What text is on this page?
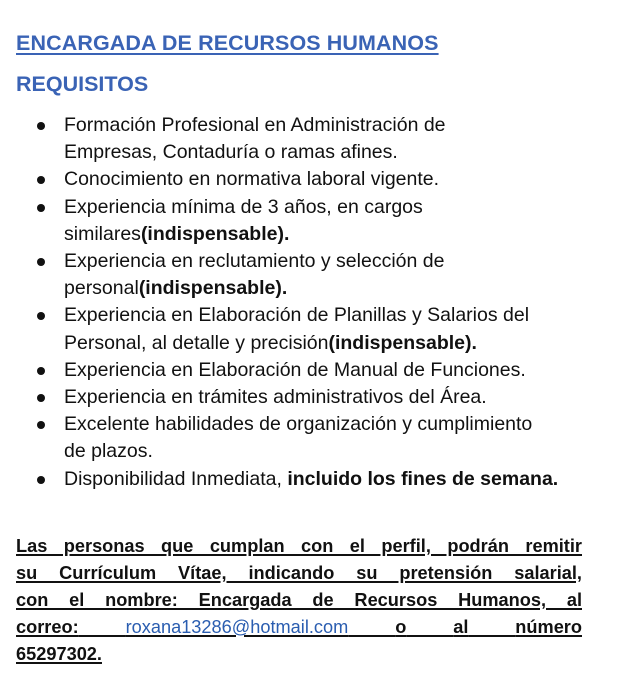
ENCARGADA DE RECURSOS HUMANOS
REQUISITOS
Formación Profesional en Administración de
Empresas, Contaduría o ramas afines.
Conocimiento en normativa laboral vigente.
Experiencia mínima de 3 años, en cargos
similares(indispensable).
Experiencia en reclutamiento y selección de
personal(indispensable).
Experiencia en Elaboración de Planillas y Salarios del
Personal, al detalle y precisión(indispensable).
Experiencia en Elaboración de Manual de Funciones.
Experiencia en trámites administrativos del Área.
Excelente habilidades de organización y cumplimiento
de plazos.
Disponibilidad Inmediata, incluido los fines de semana.
Las personas que cumplan con el perfil, podrán remitir
su Currículum Vítae, indicando su pretensión salarial,
con el nombre: Encargada de Recursos Humanos, al
correo:	roxana13286@hotmail.com	o	al	número
65297302.
